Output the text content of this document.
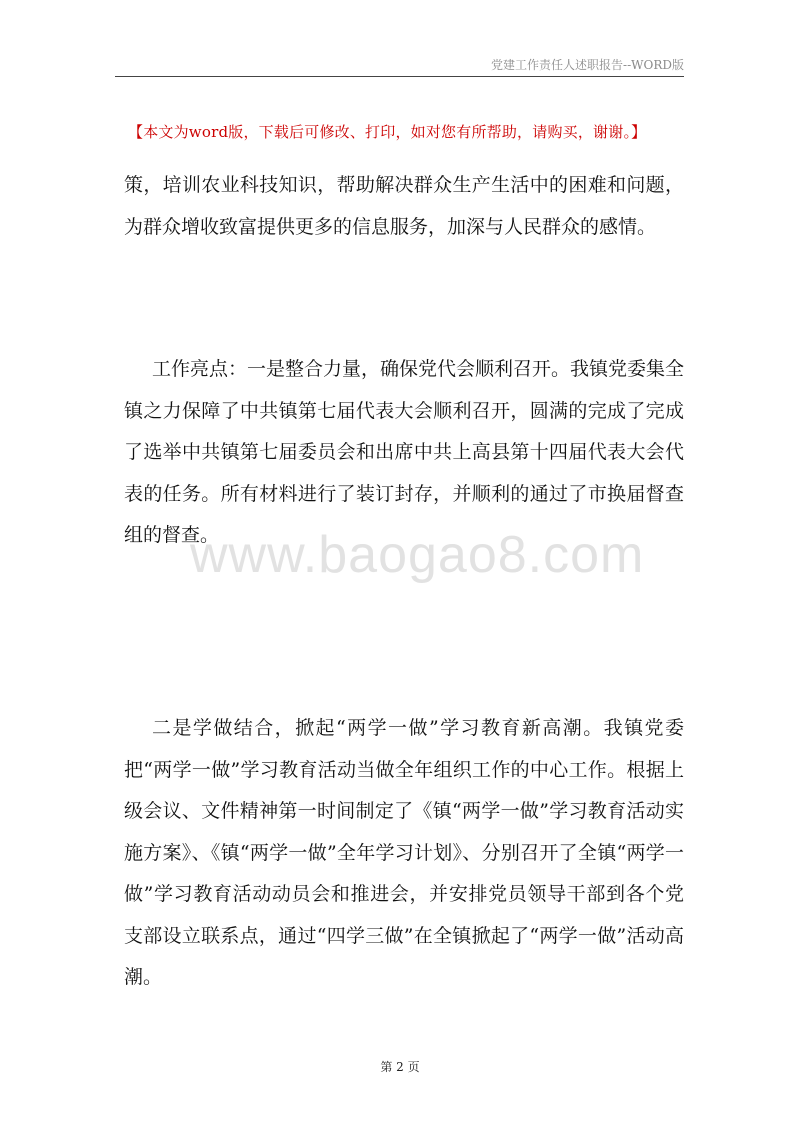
党建工作责任人述职报告--WORD版
【本文为word版，下载后可修改、打印，如对您有所帮助，请购买，谢谢。】

策，培训农业科技知识，帮助解决群众生产生活中的困难和问题，为群众增收致富提供更多的信息服务，加深与人民群众的感情。

工作亮点：一是整合力量，确保党代会顺利召开。我镇党委集全镇之力保障了中共镇第七届代表大会顺利召开，圆满的完成了完成了选举中共镇第七届委员会和出席中共上高县第十四届代表大会代表的任务。所有材料进行了装订封存，并顺利的通过了市换届督查组的督查。

二是学做结合，掀起“两学一做”学习教育新高潮。我镇党委把“两学一做”学习教育活动当做全年组织工作的中心工作。根据上级会议、文件精神第一时间制定了《镇“两学一做”学习教育活动实施方案》、《镇“两学一做”全年学习计划》、分别召开了全镇“两学一做”学习教育活动动员会和推进会，并安排党员领导干部到各个党支部设立联系点，通过“四学三做”在全镇掀起了“两学一做”活动高潮。

www.baogao8.com
第 2 页
